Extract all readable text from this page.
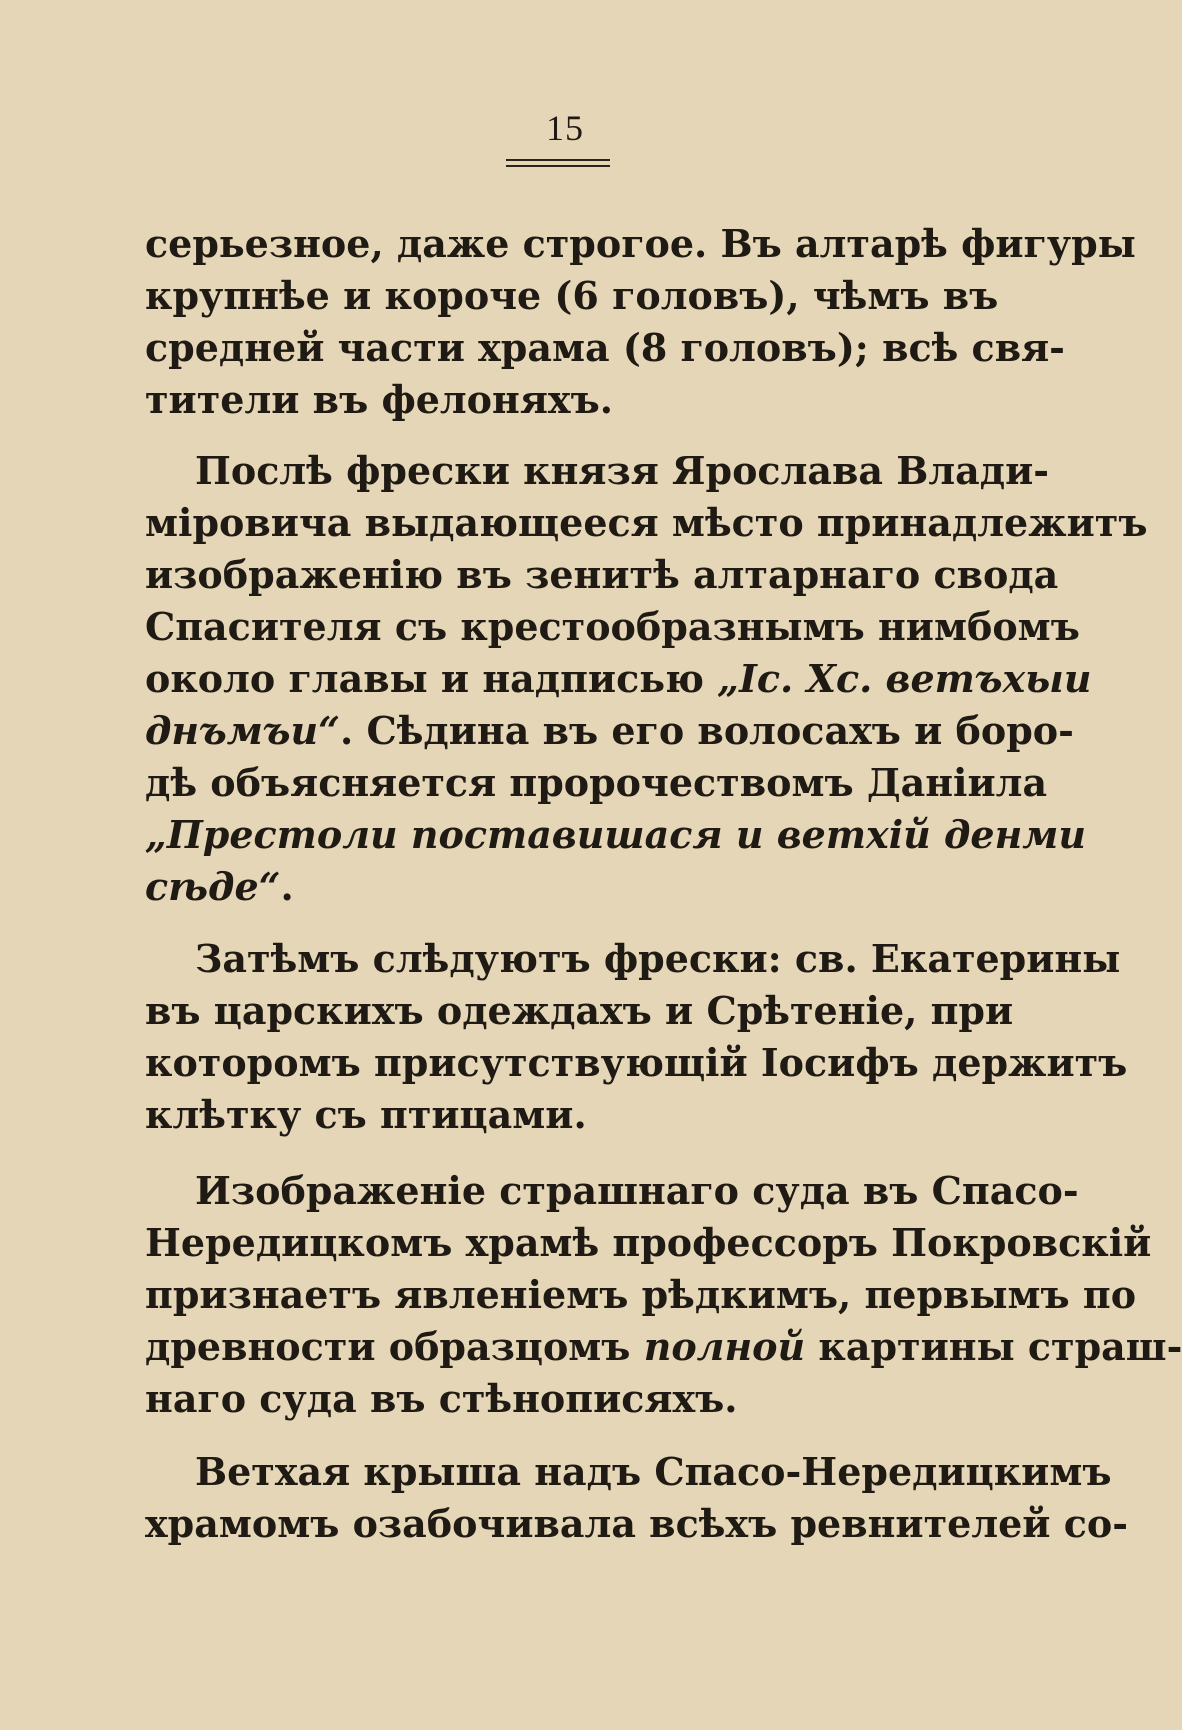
15
серьезное, даже строгое. Въ алтарѣ фигуры
крупнѣе и короче (6 головъ), чѣмъ въ
средней части храма (8 головъ); всѣ свя-
тители въ фелоняхъ.
Послѣ фрески князя Ярослава Влади-
міровича выдающееся мѣсто принадлежитъ
изображенію въ зенитѣ алтарнаго свода
Спасителя съ крестообразнымъ нимбомъ
около главы и надписью „Іс. Хс. ветъхыи
днъмъи“. Сѣдина въ его волосахъ и боро-
дѣ объясняется пророчествомъ Даніила
„Престоли поставишася и ветхій денми
сѣде“.
Затѣмъ слѣдуютъ фрески: св. Екатерины
въ царскихъ одеждахъ и Срѣтеніе, при
которомъ присутствующій Іосифъ держитъ
клѣтку съ птицами.
Изображеніе страшнаго суда въ Спасо-
Нередицкомъ храмѣ профессоръ Покровскій
признаетъ явленіемъ рѣдкимъ, первымъ по
древности образцомъ полной картины страш-
наго суда въ стѣнописяхъ.
Ветхая крыша надъ Спасо-Нередицкимъ
храмомъ озабочивала всѣхъ ревнителей со-
